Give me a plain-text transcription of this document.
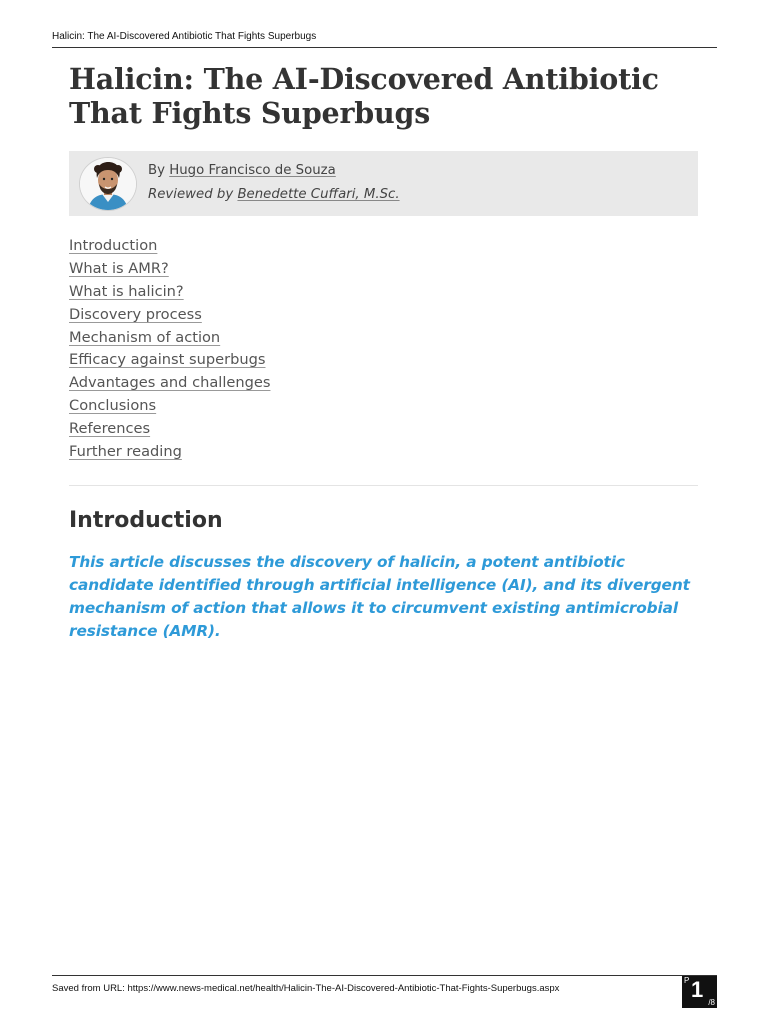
Halicin: The AI-Discovered Antibiotic That Fights Superbugs
Halicin: The AI-Discovered Antibiotic That Fights Superbugs
By Hugo Francisco de Souza
Reviewed by Benedette Cuffari, M.Sc.
Introduction
What is AMR?
What is halicin?
Discovery process
Mechanism of action
Efficacy against superbugs
Advantages and challenges
Conclusions
References
Further reading
Introduction

This article discusses the discovery of halicin, a potent antibiotic candidate identified through artificial intelligence (AI), and its divergent mechanism of action that allows it to circumvent existing antimicrobial resistance (AMR).

Saved from URL: https://www.news-medical.net/health/Halicin-The-AI-Discovered-Antibiotic-That-Fights-Superbugs.aspx
P 1
/8
